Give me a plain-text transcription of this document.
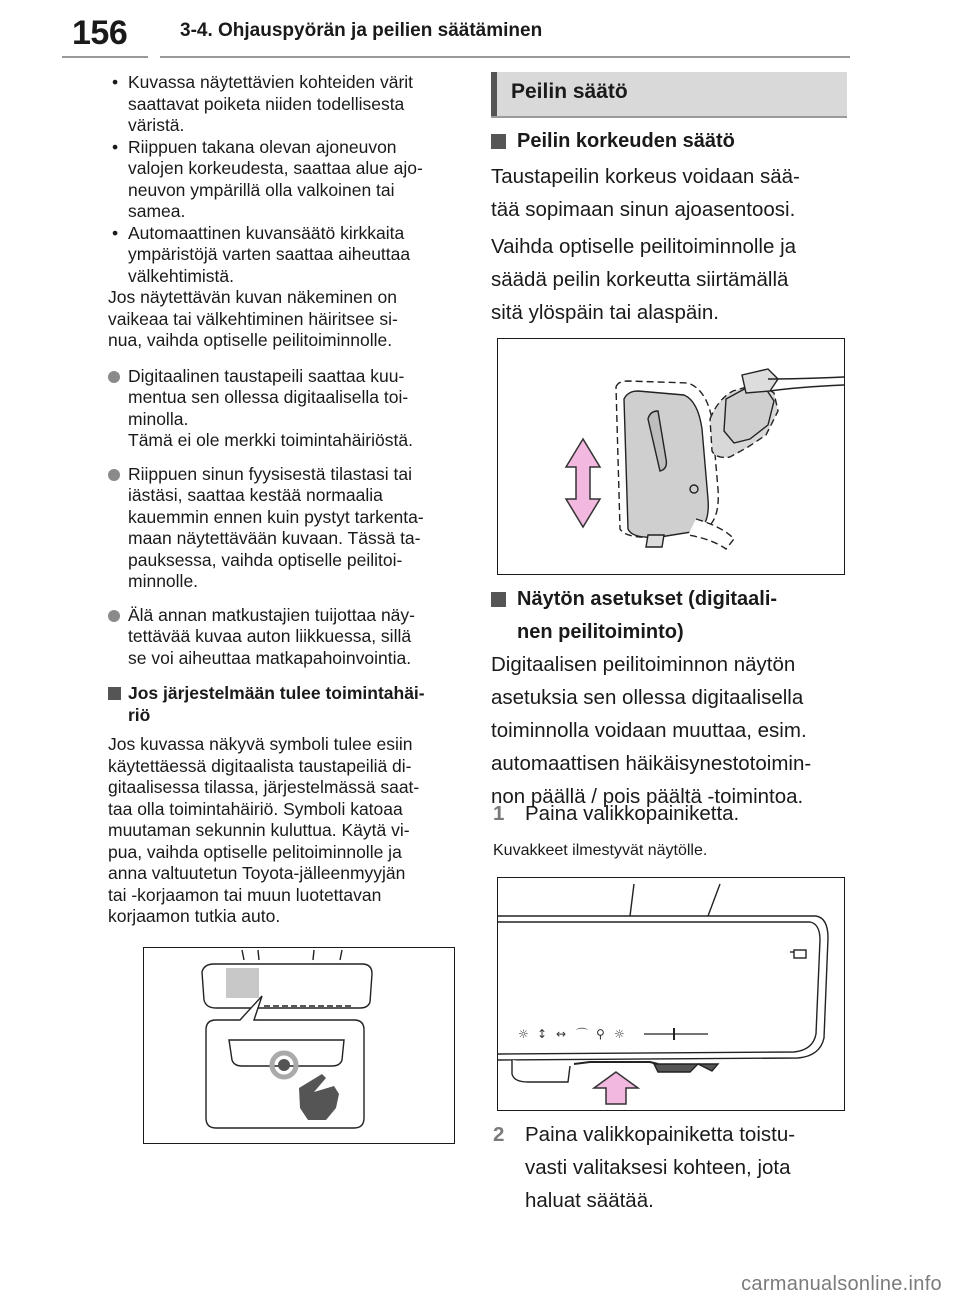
156	3-4. Ohjauspyörän ja peilien säätäminen
• Kuvassa näytettävien kohteiden värit
saattavat poiketa niiden todellisesta
väristä.
• Riippuen takana olevan ajoneuvon
valojen korkeudesta, saattaa alue ajo-
neuvon ympärillä olla valkoinen tai
samea.
• Automaattinen kuvansäätö kirkkaita
ympäristöjä varten saattaa aiheuttaa
välkehtimistä.

Jos näytettävän kuvan näkeminen on
vaikeaa tai välkehtiminen häiritsee si-
nua, vaihda optiselle peilitoiminnolle.

Digitaalinen taustapeili saattaa kuu-
mentua sen ollessa digitaalisella toi-
minolla.
Tämä ei ole merkki toimintahäiriöstä.
Riippuen sinun fyysisestä tilastasi tai
iästäsi, saattaa kestää normaalia
kauemmin ennen kuin pystyt tarkenta-
maan näytettävään kuvaan. Tässä ta-
pauksessa, vaihda optiselle peilitoi-
minnolle.
Älä annan matkustajien tuijottaa näy-
tettävää kuvaa auton liikkuessa, sillä
se voi aiheuttaa matkapahoinvointia.
Jos järjestelmään tulee toimintahäi-
riö

Jos kuvassa näkyvä symboli tulee esiin
käytettäessä digitaalista taustapeiliä di-
gitaalisessa tilassa, järjestelmässä saat-
taa olla toimintahäiriö. Symboli katoaa
muutaman sekunnin kuluttua. Käytä vi-
pua, vaihda optiselle pelitoiminnolle ja
anna valtuutetun Toyota-jälleenmyyjän
tai -korjaamon tai muun luotettavan
korjaamon tutkia auto.

Peilin säätö
Peilin korkeuden säätö
Taustapeilin korkeus voidaan sää-
tää sopimaan sinun ajoasentoosi.
Vaihda optiselle peilitoiminnolle ja
säädä peilin korkeutta siirtämällä
sitä ylöspäin tai alaspäin.
Näytön asetukset (digitaali-
nen peilitoiminto)
Digitaalisen peilitoiminnon näytön
asetuksia sen ollessa digitaalisella
toiminnolla voidaan muuttaa, esim.
automaattisen häikäisynestotoimin-
non päällä / pois päältä -toimintoa.
1 Paina valikkopainiketta.
Kuvakkeet ilmestyvät näytölle.
☼ ↕ ↔ ⌒ ⚲ ☼
2 Paina valikkopainiketta toistu-
vasti valitaksesi kohteen, jota
haluat säätää.
carmanualsonline.info
